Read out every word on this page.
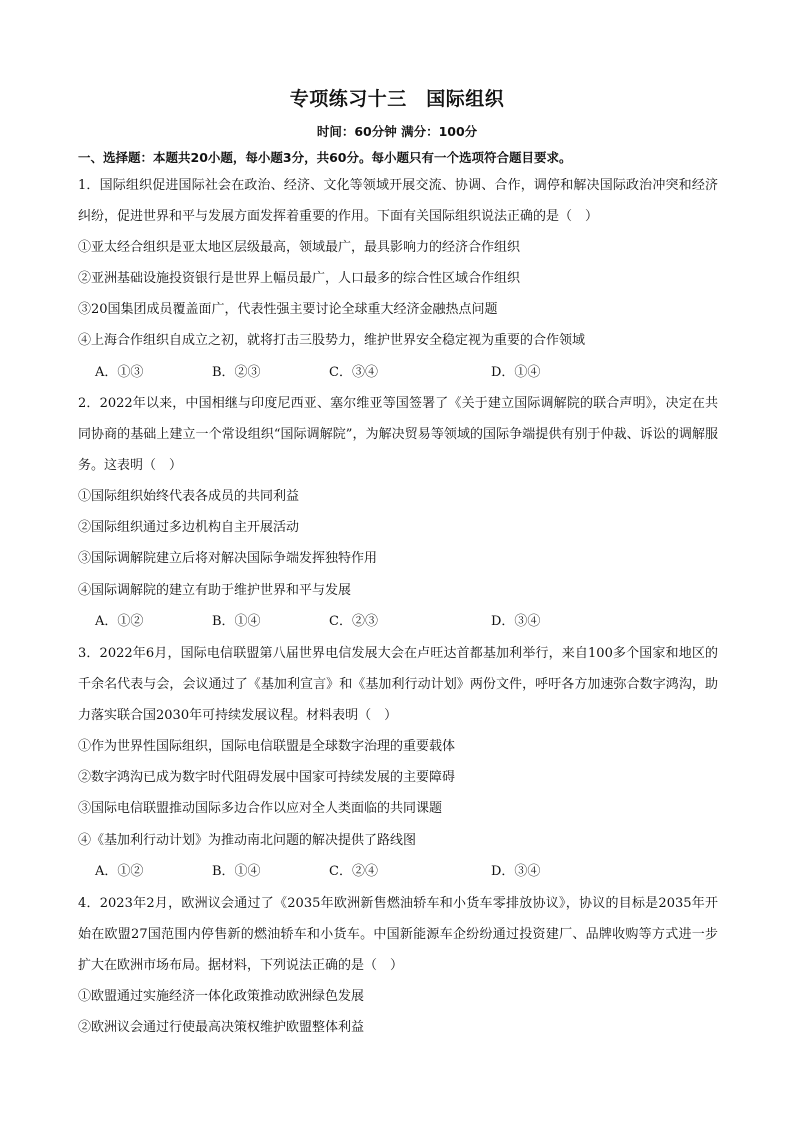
专项练习十三　国际组织
时间：60分钟 满分：100分
一、选择题：本题共20小题，每小题3分，共60分。每小题只有一个选项符合题目要求。
1．国际组织促进国际社会在政治、经济、文化等领域开展交流、协调、合作，调停和解决国际政治冲突和经济纠纷，促进世界和平与发展方面发挥着重要的作用。下面有关国际组织说法正确的是（　）
①亚太经合组织是亚太地区层级最高，领域最广，最具影响力的经济合作组织
②亚洲基础设施投资银行是世界上幅员最广，人口最多的综合性区域合作组织
③20国集团成员覆盖面广，代表性强主要讨论全球重大经济金融热点问题
④上海合作组织自成立之初，就将打击三股势力，维护世界安全稳定视为重要的合作领域
A．①③	B．②③	C．③④	D．①④
2．2022年以来，中国相继与印度尼西亚、塞尔维亚等国签署了《关于建立国际调解院的联合声明》，决定在共同协商的基础上建立一个常设组织“国际调解院”，为解决贸易等领域的国际争端提供有别于仲裁、诉讼的调解服务。这表明（　）
①国际组织始终代表各成员的共同利益
②国际组织通过多边机构自主开展活动
③国际调解院建立后将对解决国际争端发挥独特作用
④国际调解院的建立有助于维护世界和平与发展
A．①②	B．①④	C．②③	D．③④
3．2022年6月，国际电信联盟第八届世界电信发展大会在卢旺达首都基加利举行，来自100多个国家和地区的千余名代表与会，会议通过了《基加利宣言》和《基加利行动计划》两份文件，呼吁各方加速弥合数字鸿沟，助力落实联合国2030年可持续发展议程。材料表明（　）
①作为世界性国际组织，国际电信联盟是全球数字治理的重要载体
②数字鸿沟已成为数字时代阻碍发展中国家可持续发展的主要障碍
③国际电信联盟推动国际多边合作以应对全人类面临的共同课题
④《基加利行动计划》为推动南北问题的解决提供了路线图
A．①②	B．①④	C．②④	D．③④
4．2023年2月，欧洲议会通过了《2035年欧洲新售燃油轿车和小货车零排放协议》，协议的目标是2035年开始在欧盟27国范围内停售新的燃油轿车和小货车。中国新能源车企纷纷通过投资建厂、品牌收购等方式进一步扩大在欧洲市场布局。据材料，下列说法正确的是（　）
①欧盟通过实施经济一体化政策推动欧洲绿色发展
②欧洲议会通过行使最高决策权维护欧盟整体利益
